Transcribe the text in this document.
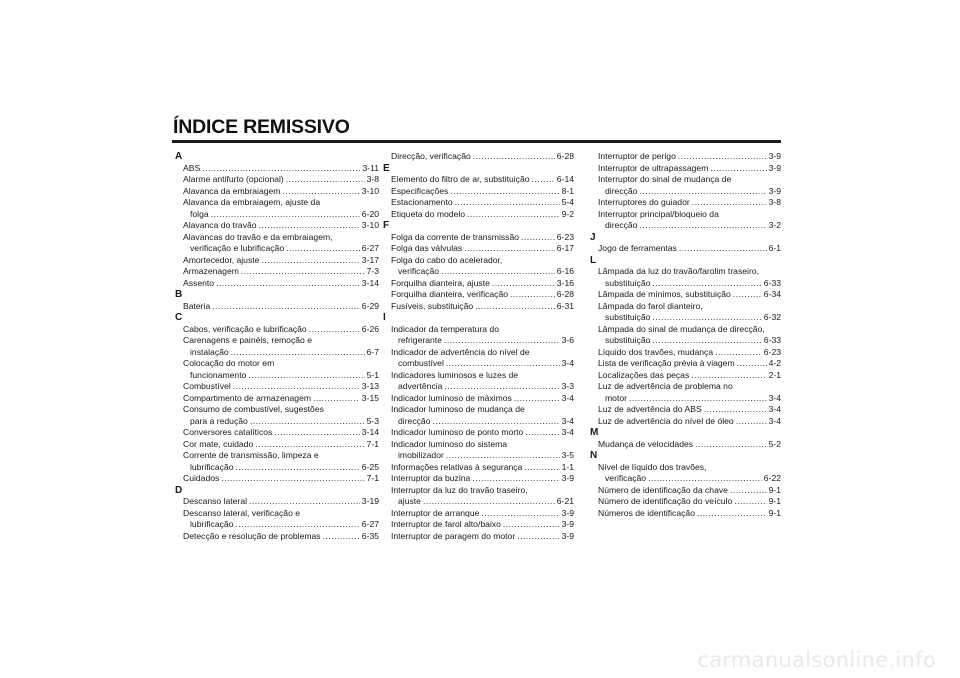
ÍNDICE REMISSIVO
A
ABS .....	3-11
Alarme antifurto (opcional) .....	3-8
Alavanca da embraiagem .....	3-10
Alavanca da embraiagem, ajuste da
folga .....	6-20
Alavanca do travão .....	3-10
Alavancas do travão e da embraiagem,
verificação e lubrificação .....	6-27
Amortecedor, ajuste .....	3-17
Armazenagem .....	7-3
Assento .....	3-14
B
Bateria .....	6-29
C
Cabos, verificação e lubrificação .....	6-26
Carenagens e painéis, remoção e
instalação .....	6-7
Colocação do motor em
funcionamento .....	5-1
Combustível .....	3-13
Compartimento de armazenagem .....	3-15
Consumo de combustível, sugestões
para a redução .....	5-3
Conversores catalíticos .....	3-14
Cor mate, cuidado .....	7-1
Corrente de transmissão, limpeza e
lubrificação .....	6-25
Cuidados .....	7-1
D
Descanso lateral .....	3-19
Descanso lateral, verificação e
lubrificação .....	6-27
Detecção e resolução de problemas .....	6-35
Direcção, verificação .....	6-28
E
Elemento do filtro de ar, substituição .....	6-14
Especificações .....	8-1
Estacionamento .....	5-4
Etiqueta do modelo .....	9-2
F
Folga da corrente de transmissão .....	6-23
Folga das válvulas .....	6-17
Folga do cabo do acelerador,
verificação .....	6-16
Forquilha dianteira, ajuste .....	3-16
Forquilha dianteira, verificação .....	6-28
Fusíveis, substituição .....	6-31
I
Indicador da temperatura do
refrigerante .....	3-6
Indicador de advertência do nível de
combustível .....	3-4
Indicadores luminosos e luzes de
advertência .....	3-3
Indicador luminoso de máximos .....	3-4
Indicador luminoso de mudança de
direcção .....	3-4
Indicador luminoso de ponto morto .....	3-4
Indicador luminoso do sistema
imobilizador .....	3-5
Informações relativas à segurança .....	1-1
Interruptor da buzina .....	3-9
Interruptor da luz do travão traseiro,
ajuste .....	6-21
Interruptor de arranque .....	3-9
Interruptor de farol alto/baixo .....	3-9
Interruptor de paragem do motor .....	3-9
Interruptor de perigo .....	3-9
Interruptor de ultrapassagem .....	3-9
Interruptor do sinal de mudança de
direcção .....	3-9
Interruptores do guiador .....	3-8
Interruptor principal/bloqueio da
direcção .....	3-2
J
Jogo de ferramentas .....	6-1
L
Lâmpada da luz do travão/farolim traseiro,
substituição .....	6-33
Lâmpada de mínimos, substituição .....	6-34
Lâmpada do farol dianteiro,
substituição .....	6-32
Lâmpada do sinal de mudança de direcção,
substituição .....	6-33
Líquido dos travões, mudança .....	6-23
Lista de verificação prévia à viagem .....	4-2
Localizações das peças .....	2-1
Luz de advertência de problema no
motor .....	3-4
Luz de advertência do ABS .....	3-4
Luz de advertência do nível de óleo .....	3-4
M
Mudança de velocidades .....	5-2
N
Nível de líquido dos travões,
verificação .....	6-22
Número de identificação da chave .....	9-1
Número de identificação do veículo .....	9-1
Números de identificação .....	9-1
carmanualsonline.info
